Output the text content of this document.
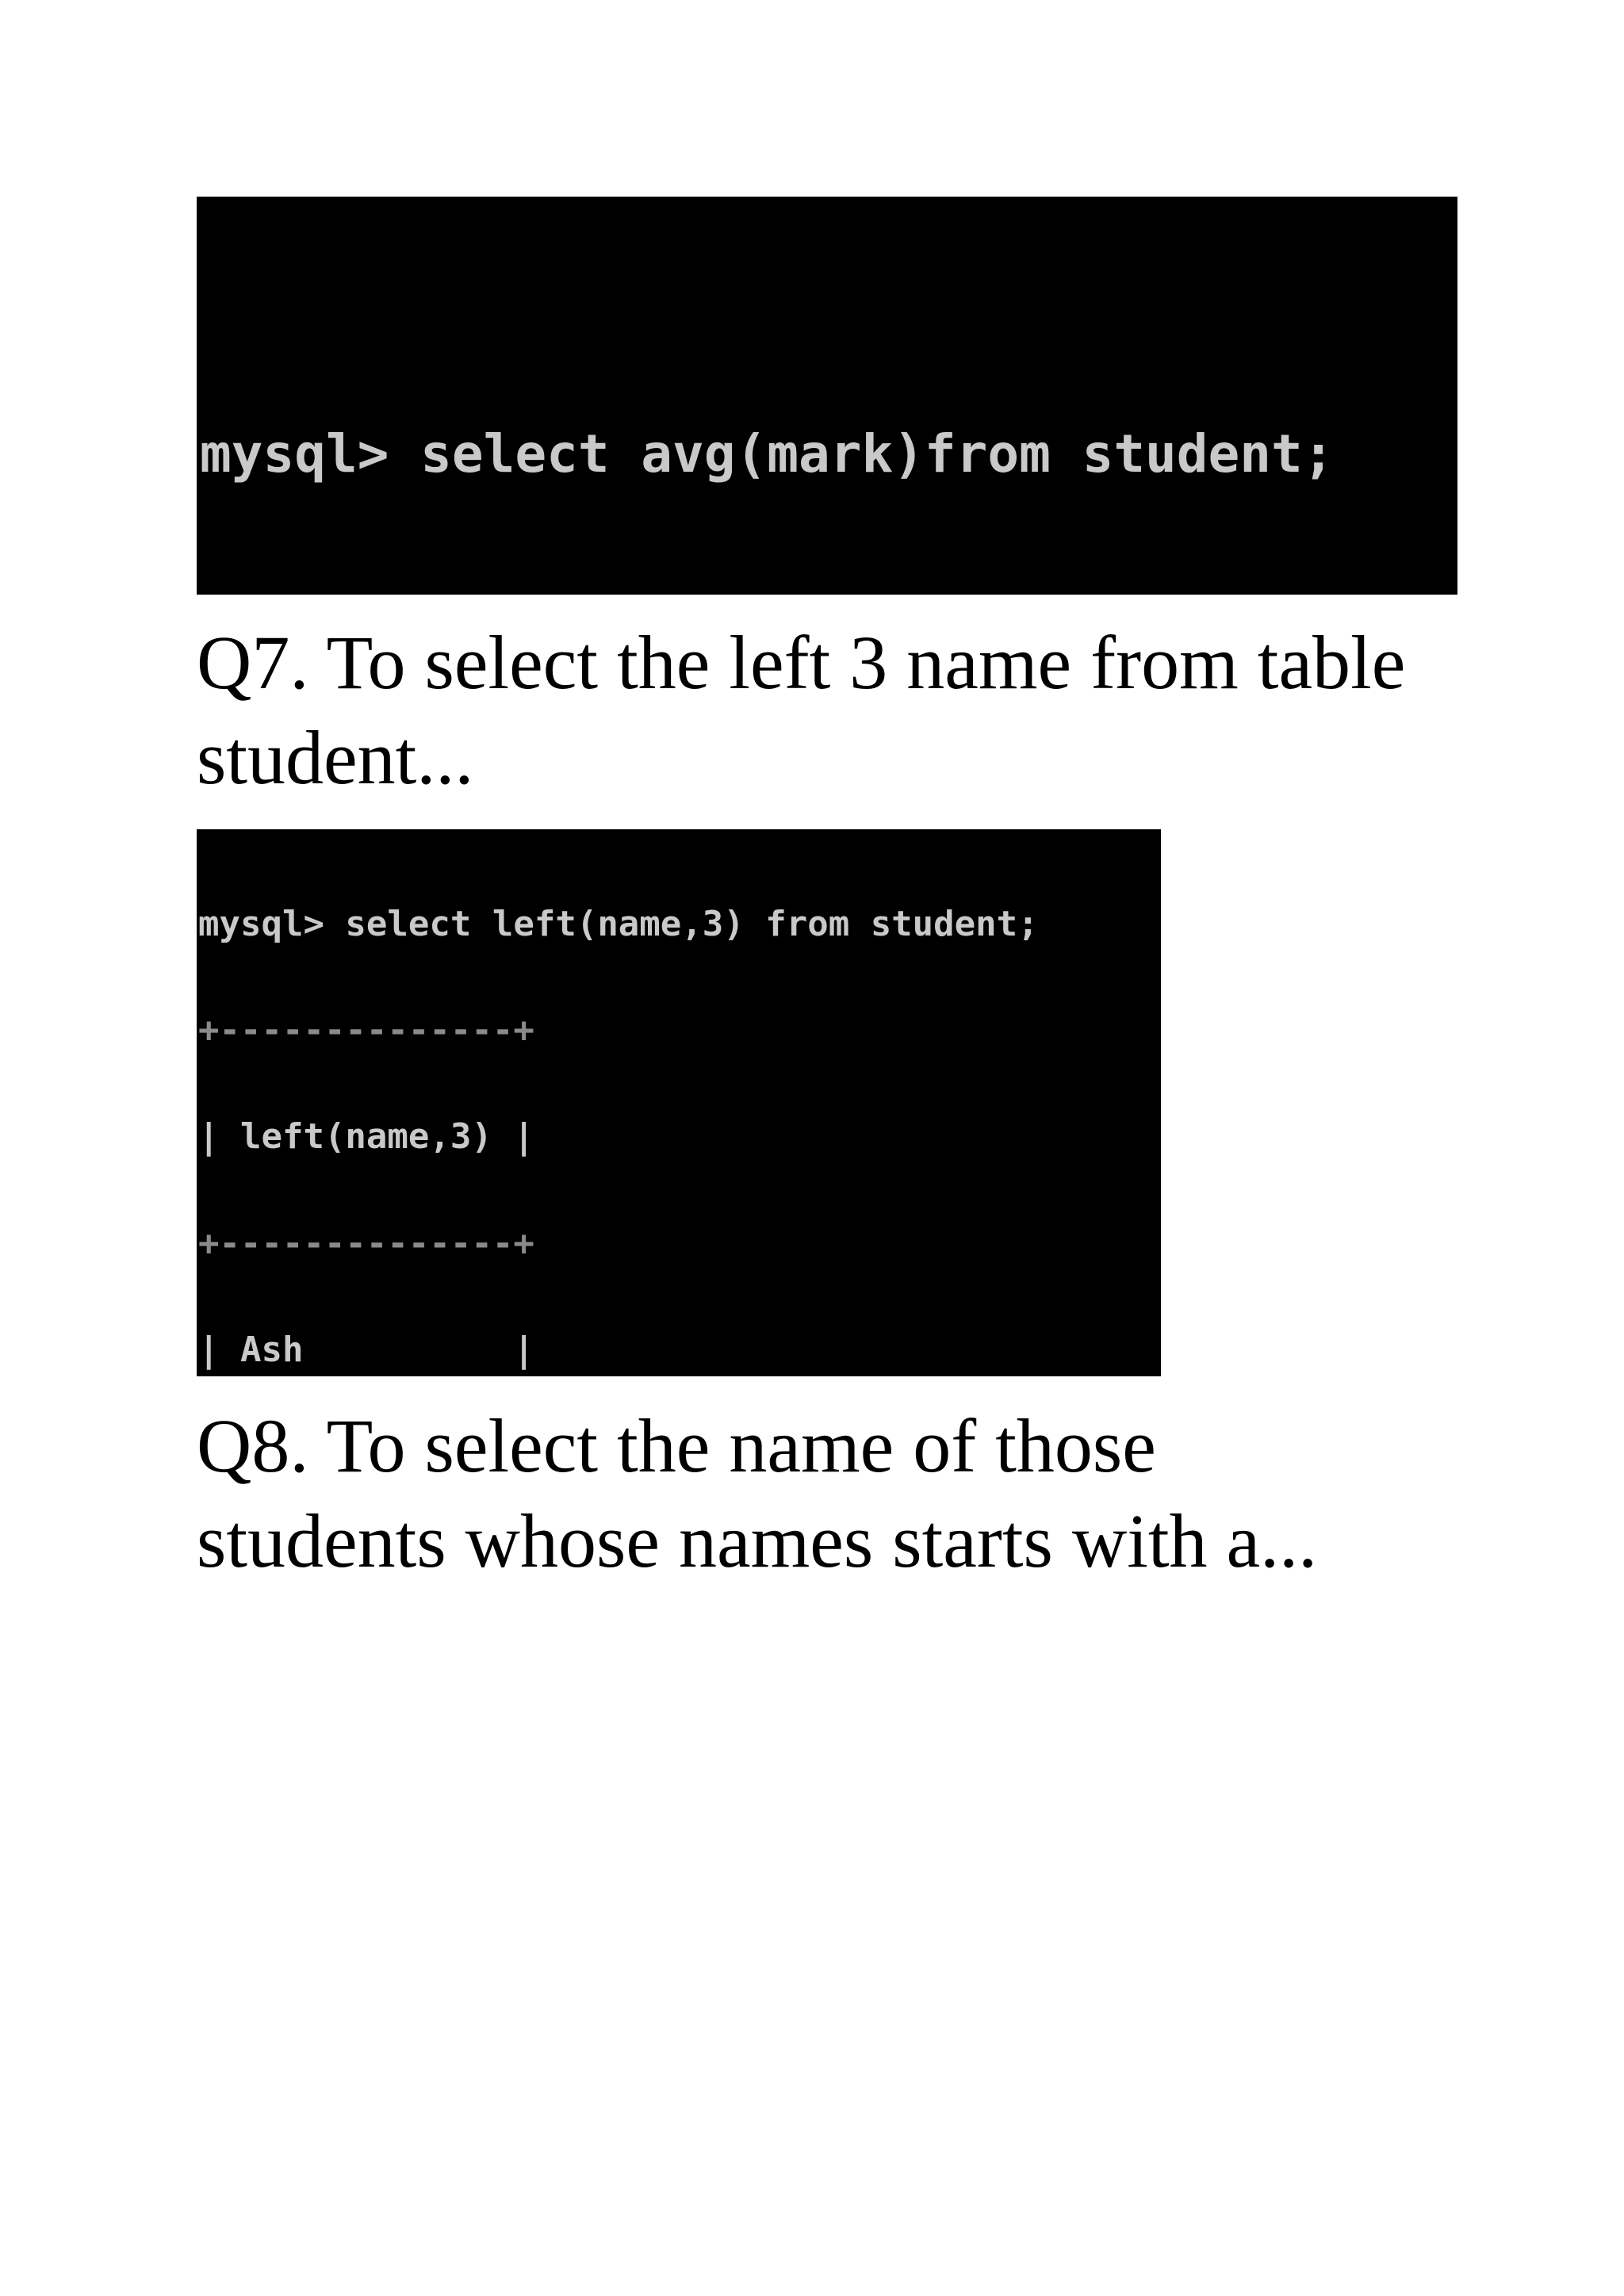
mysql> select avg(mark)from student;

Q7. To select the left 3 name from table
student...

mysql> select left(name,3) from student;

+--------------+

| left(name,3) |

+--------------+

| Ash          |

Q8. To select the name of those
students whose names starts with a...
